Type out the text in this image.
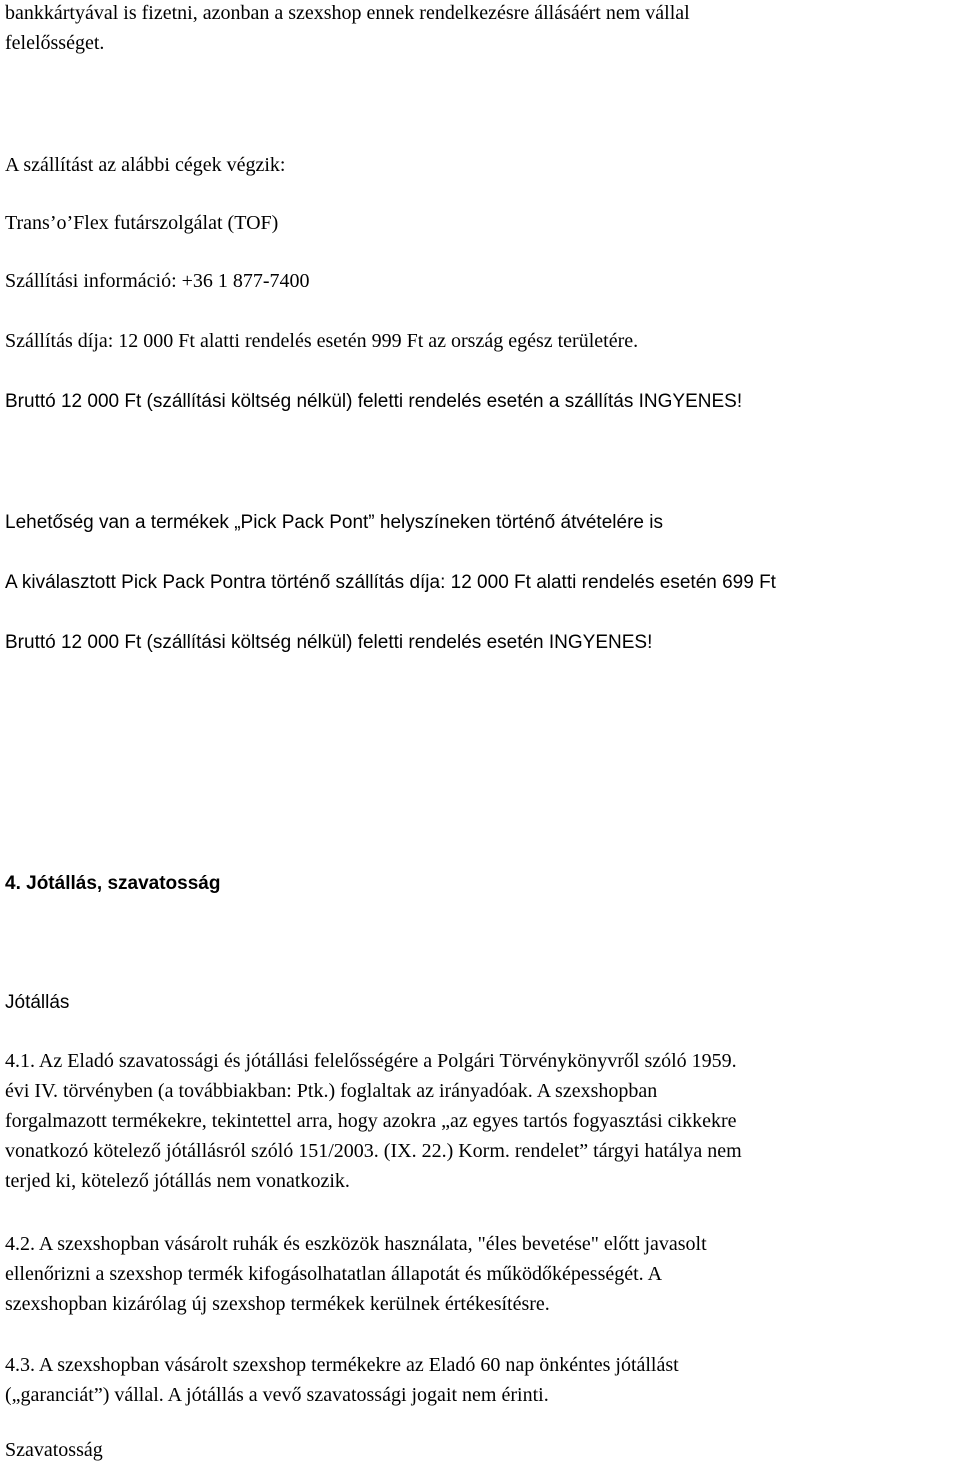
bankkártyával is fizetni, azonban a szexshop ennek rendelkezésre állásáért nem vállal

felelősséget.

A szállítást az alábbi cégek végzik:

Trans’o’Flex futárszolgálat (TOF)

Szállítási információ: +36 1 877-7400

Szállítás díja: 12 000 Ft alatti rendelés esetén 999 Ft az ország egész területére.

Bruttó 12 000 Ft (szállítási költség nélkül) feletti rendelés esetén a szállítás INGYENES!

Lehetőség van a termékek „Pick Pack Pont” helyszíneken történő átvételére is

A kiválasztott Pick Pack Pontra történő szállítás díja: 12 000 Ft alatti rendelés esetén 699 Ft

Bruttó 12 000 Ft (szállítási költség nélkül) feletti rendelés esetén INGYENES!

4. Jótállás, szavatosság

Jótállás

4.1. Az Eladó szavatossági és jótállási felelősségére a Polgári Törvénykönyvről szóló 1959.
évi IV. törvényben (a továbbiakban: Ptk.) foglaltak az irányadóak. A szexshopban
forgalmazott termékekre, tekintettel arra, hogy azokra „az egyes tartós fogyasztási cikkekre
vonatkozó kötelező jótállásról szóló 151/2003. (IX. 22.) Korm. rendelet” tárgyi hatálya nem
terjed ki, kötelező jótállás nem vonatkozik.
4.2. A szexshopban vásárolt ruhák és eszközök használata, "éles bevetése" előtt javasolt
ellenőrizni a szexshop termék kifogásolhatatlan állapotát és működőképességét. A
szexshopban kizárólag új szexshop termékek kerülnek értékesítésre.
4.3. A szexshopban vásárolt szexshop termékekre az Eladó 60 nap önkéntes jótállást
(„garanciát”) vállal. A jótállás a vevő szavatossági jogait nem érinti.

Szavatosság
